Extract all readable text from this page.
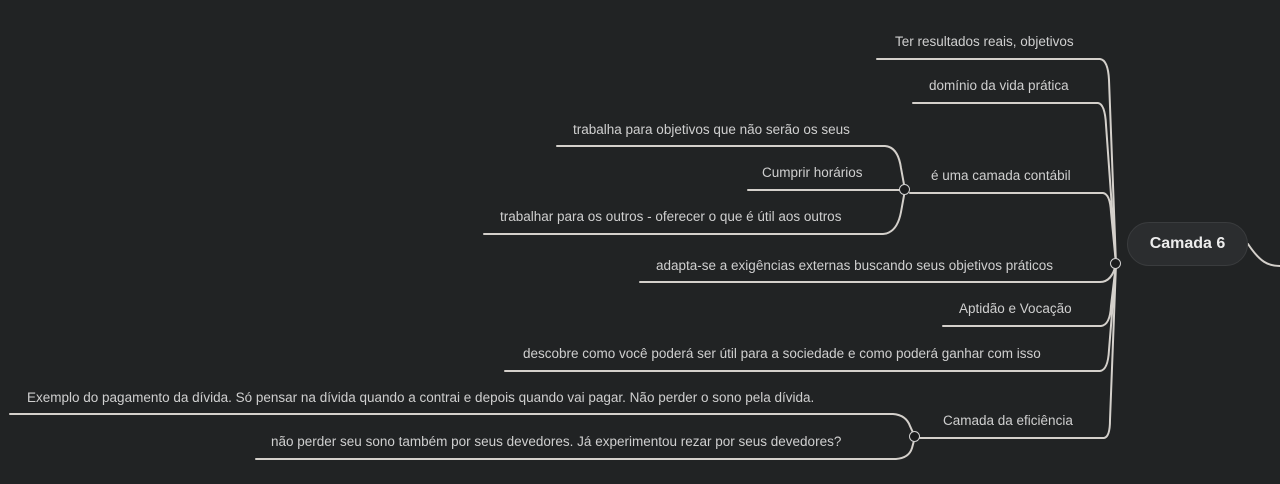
Camada 6
Ter resultados reais, objetivos
domínio da vida prática
é uma camada contábil
trabalha para objetivos que não serão os seus
Cumprir horários
trabalhar para os outros - oferecer o que é útil aos outros
adapta-se a exigências externas buscando seus objetivos práticos
Aptidão e Vocação
descobre como você poderá ser útil para a sociedade e como poderá ganhar com isso
Camada da eficiência
Exemplo do pagamento da dívida. Só pensar na dívida quando a contrai e depois quando vai pagar. Não perder o sono pela dívida.
não perder seu sono também por seus devedores. Já experimentou rezar por seus devedores?
